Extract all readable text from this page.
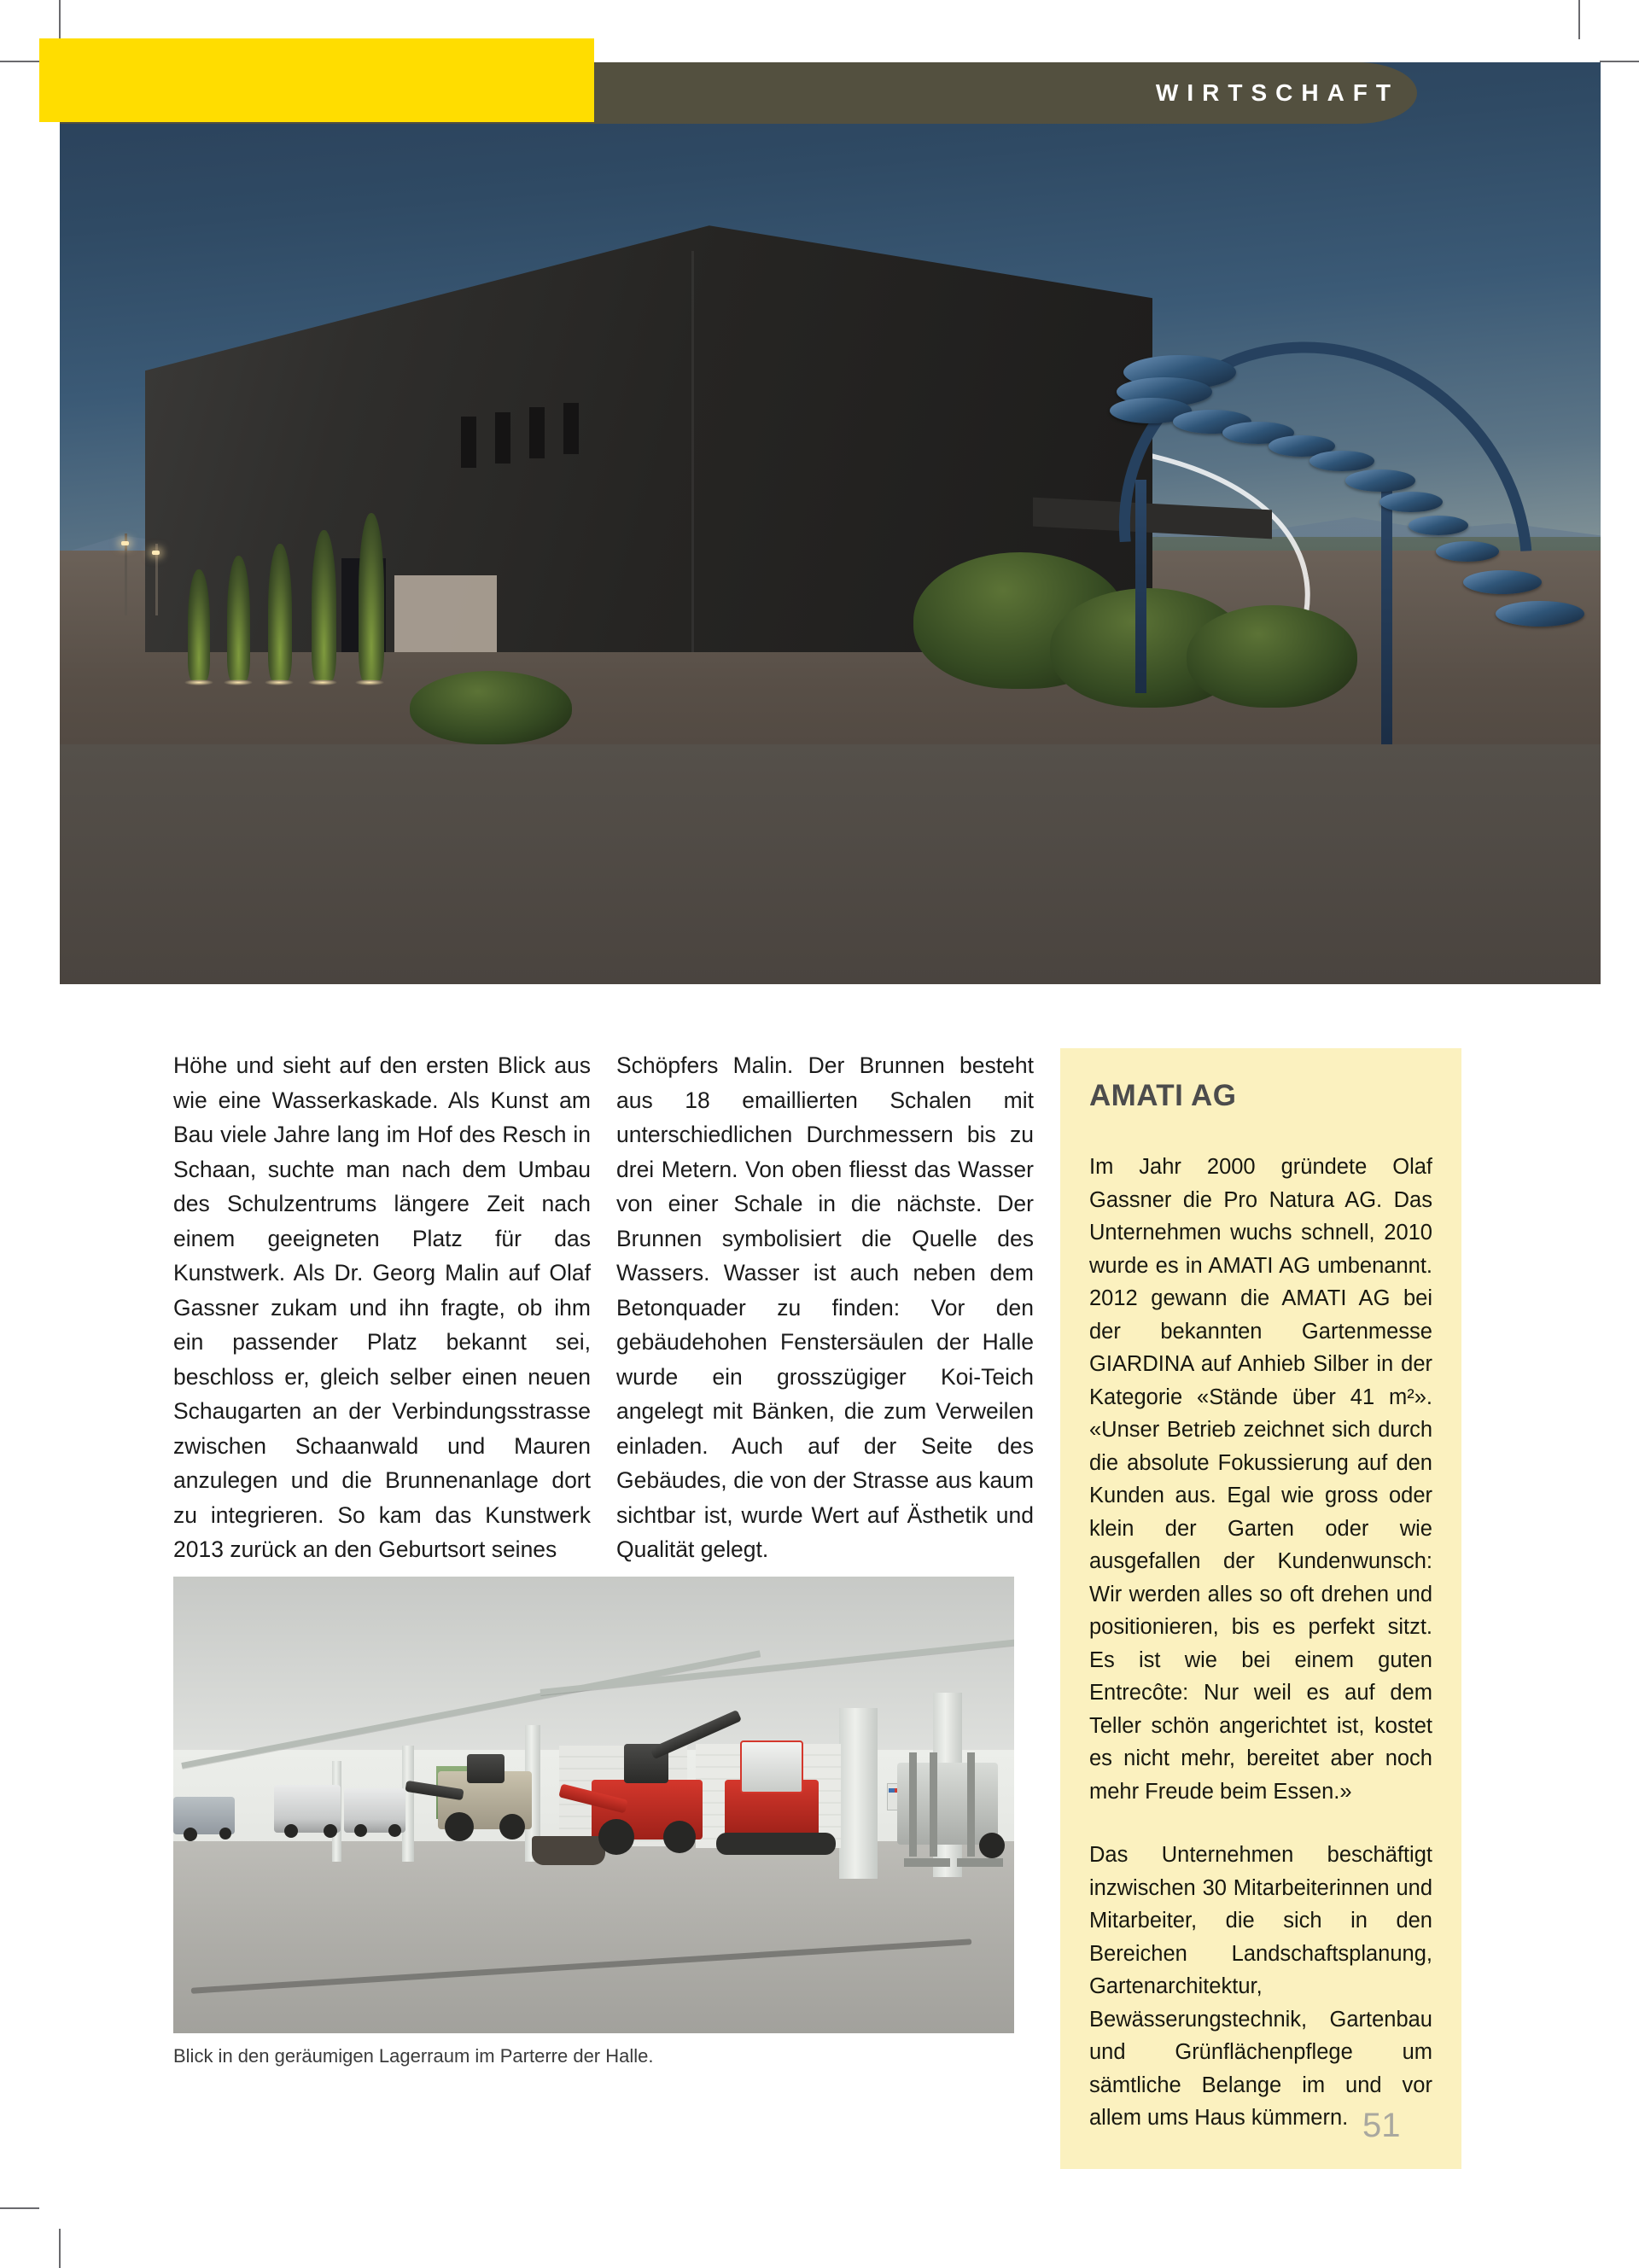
WIRTSCHAFT

Höhe und sieht auf den ersten Blick aus wie eine Wasserkaskade. Als Kunst am Bau viele Jahre lang im Hof des Resch in Schaan, suchte man nach dem Umbau des Schulzentrums längere Zeit nach einem geeigneten Platz für das Kunstwerk. Als Dr. Georg Malin auf Olaf Gassner zukam und ihn fragte, ob ihm ein passender Platz bekannt sei, beschloss er, gleich selber einen neuen Schaugarten an der Verbindungsstrasse zwischen Schaanwald und Mauren anzulegen und die Brunnenanlage dort zu integrieren. So kam das Kunstwerk 2013 zurück an den Geburtsort seines

Schöpfers Malin. Der Brunnen besteht aus 18 emaillierten Schalen mit unterschiedlichen Durchmessern bis zu drei Metern. Von oben fliesst das Wasser von einer Schale in die nächste. Der Brunnen symbolisiert die Quelle des Wassers. Wasser ist auch neben dem Betonquader zu finden: Vor den gebäudehohen Fenstersäulen der Halle wurde ein grosszügiger Koi-Teich angelegt mit Bänken, die zum Verweilen einladen. Auch auf der Seite des Gebäudes, die von der Strasse aus kaum sichtbar ist, wurde Wert auf Ästhetik und Qualität gelegt.

AMATI AG

Im Jahr 2000 gründete Olaf Gassner die Pro Natura AG. Das Unternehmen wuchs schnell, 2010 wurde es in AMATI AG umbenannt. 2012 gewann die AMATI AG bei der bekannten Gartenmesse GIARDINA auf Anhieb Silber in der Kategorie «Stände über 41 m²». «Unser Betrieb zeichnet sich durch die absolute Fokussierung auf den Kunden aus. Egal wie gross oder klein der Garten oder wie ausgefallen der Kundenwunsch: Wir werden alles so oft drehen und positionieren, bis es perfekt sitzt. Es ist wie bei einem guten Entrecôte: Nur weil es auf dem Teller schön angerichtet ist, kostet es nicht mehr, bereitet aber noch mehr Freude beim Essen.»

Das Unternehmen beschäftigt inzwischen 30 Mitarbeiterinnen und Mitarbeiter, die sich in den Bereichen Landschaftsplanung, Gartenarchitektur, Bewässerungstechnik, Gartenbau und Grünflächenpflege um sämtliche Belange im und vor allem ums Haus kümmern.

Blick in den geräumigen Lagerraum im Parterre der Halle.
51
